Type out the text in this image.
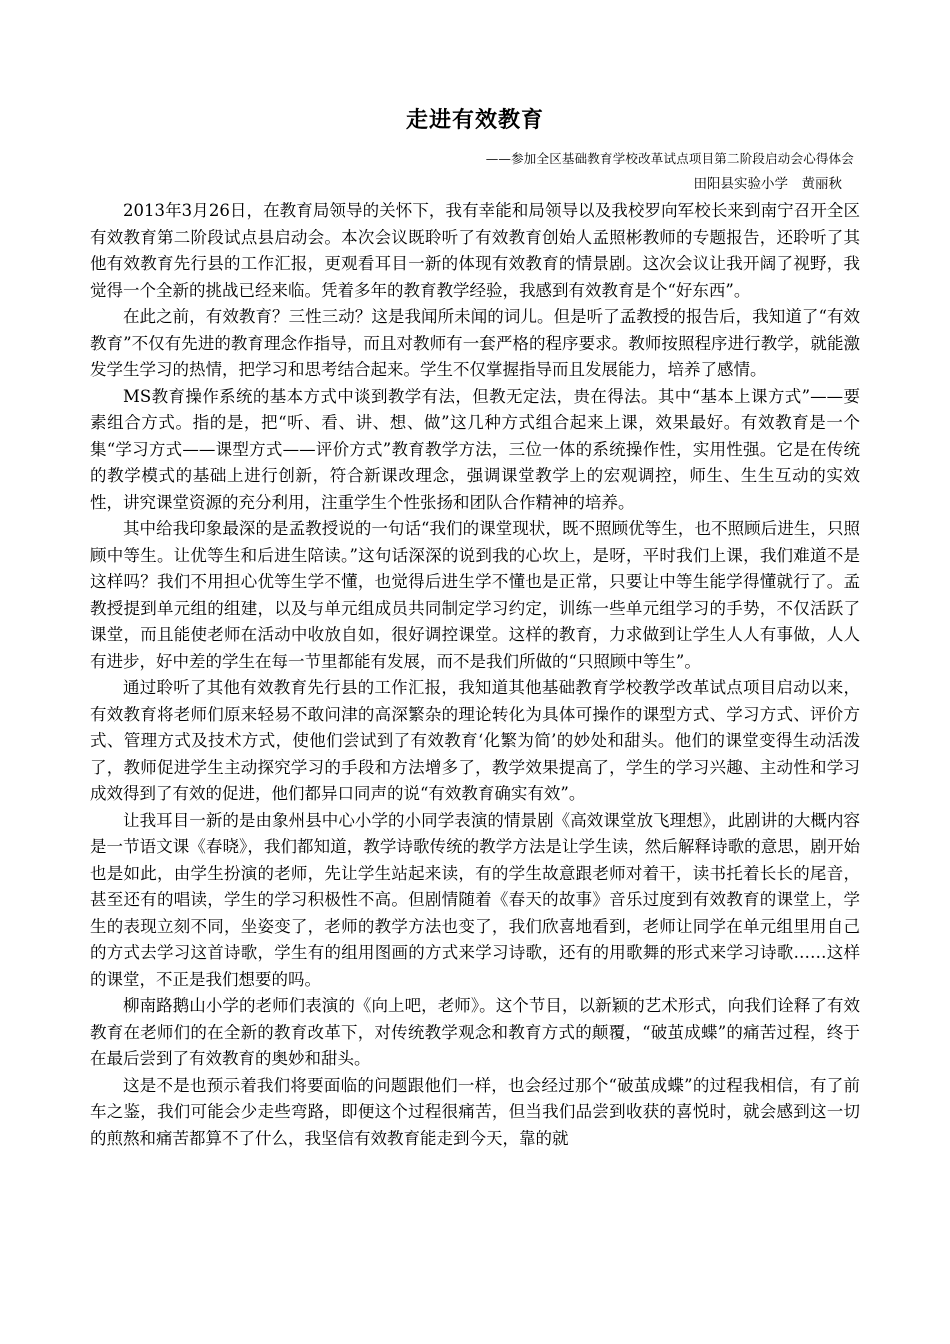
走进有效教育
——参加全区基础教育学校改革试点项目第二阶段启动会心得体会
田阳县实验小学　黄丽秋

2013年3月26日，在教育局领导的关怀下，我有幸能和局领导以及我校罗向军校长来到南宁召开全区有效教育第二阶段试点县启动会。本次会议既聆听了有效教育创始人孟照彬教师的专题报告，还聆听了其他有效教育先行县的工作汇报，更观看耳目一新的体现有效教育的情景剧。这次会议让我开阔了视野，我觉得一个全新的挑战已经来临。凭着多年的教育教学经验，我感到有效教育是个“好东西”。

在此之前，有效教育？三性三动？这是我闻所未闻的词儿。但是听了孟教授的报告后，我知道了“有效教育”不仅有先进的教育理念作指导，而且对教师有一套严格的程序要求。教师按照程序进行教学，就能激发学生学习的热情，把学习和思考结合起来。学生不仅掌握指导而且发展能力，培养了感情。

MS教育操作系统的基本方式中谈到教学有法，但教无定法，贵在得法。其中“基本上课方式”——要素组合方式。指的是，把“听、看、讲、想、做”这几种方式组合起来上课，效果最好。有效教育是一个集“学习方式——课型方式——评价方式”教育教学方法，三位一体的系统操作性，实用性强。它是在传统的教学模式的基础上进行创新，符合新课改理念，强调课堂教学上的宏观调控，师生、生生互动的实效性，讲究课堂资源的充分利用，注重学生个性张扬和团队合作精神的培养。

其中给我印象最深的是孟教授说的一句话“我们的课堂现状，既不照顾优等生，也不照顾后进生，只照顾中等生。让优等生和后进生陪读。”这句话深深的说到我的心坎上，是呀，平时我们上课，我们难道不是这样吗？我们不用担心优等生学不懂，也觉得后进生学不懂也是正常，只要让中等生能学得懂就行了。孟教授提到单元组的组建，以及与单元组成员共同制定学习约定，训练一些单元组学习的手势，不仅活跃了课堂，而且能使老师在活动中收放自如，很好调控课堂。这样的教育，力求做到让学生人人有事做，人人有进步，好中差的学生在每一节里都能有发展，而不是我们所做的“只照顾中等生”。

通过聆听了其他有效教育先行县的工作汇报，我知道其他基础教育学校教学改革试点项目启动以来，有效教育将老师们原来轻易不敢问津的高深繁杂的理论转化为具体可操作的课型方式、学习方式、评价方式、管理方式及技术方式，使他们尝试到了有效教育‘化繁为简’的妙处和甜头。他们的课堂变得生动活泼了，教师促进学生主动探究学习的手段和方法增多了，教学效果提高了，学生的学习兴趣、主动性和学习成效得到了有效的促进，他们都异口同声的说“有效教育确实有效”。

让我耳目一新的是由象州县中心小学的小同学表演的情景剧《高效课堂放飞理想》，此剧讲的大概内容是一节语文课《春晓》，我们都知道，教学诗歌传统的教学方法是让学生读，然后解释诗歌的意思，剧开始也是如此，由学生扮演的老师，先让学生站起来读，有的学生故意跟老师对着干，读书托着长长的尾音，甚至还有的唱读，学生的学习积极性不高。但剧情随着《春天的故事》音乐过度到有效教育的课堂上，学生的表现立刻不同，坐姿变了，老师的教学方法也变了，我们欣喜地看到，老师让同学在单元组里用自己的方式去学习这首诗歌，学生有的组用图画的方式来学习诗歌，还有的用歌舞的形式来学习诗歌……这样的课堂，不正是我们想要的吗。

柳南路鹅山小学的老师们表演的《向上吧，老师》。这个节目，以新颖的艺术形式，向我们诠释了有效教育在老师们的在全新的教育改革下，对传统教学观念和教育方式的颠覆，“破茧成蝶”的痛苦过程，终于在最后尝到了有效教育的奥妙和甜头。

这是不是也预示着我们将要面临的问题跟他们一样，也会经过那个“破茧成蝶”的过程我相信，有了前车之鉴，我们可能会少走些弯路，即便这个过程很痛苦，但当我们品尝到收获的喜悦时，就会感到这一切的煎熬和痛苦都算不了什么，我坚信有效教育能走到今天，靠的就
